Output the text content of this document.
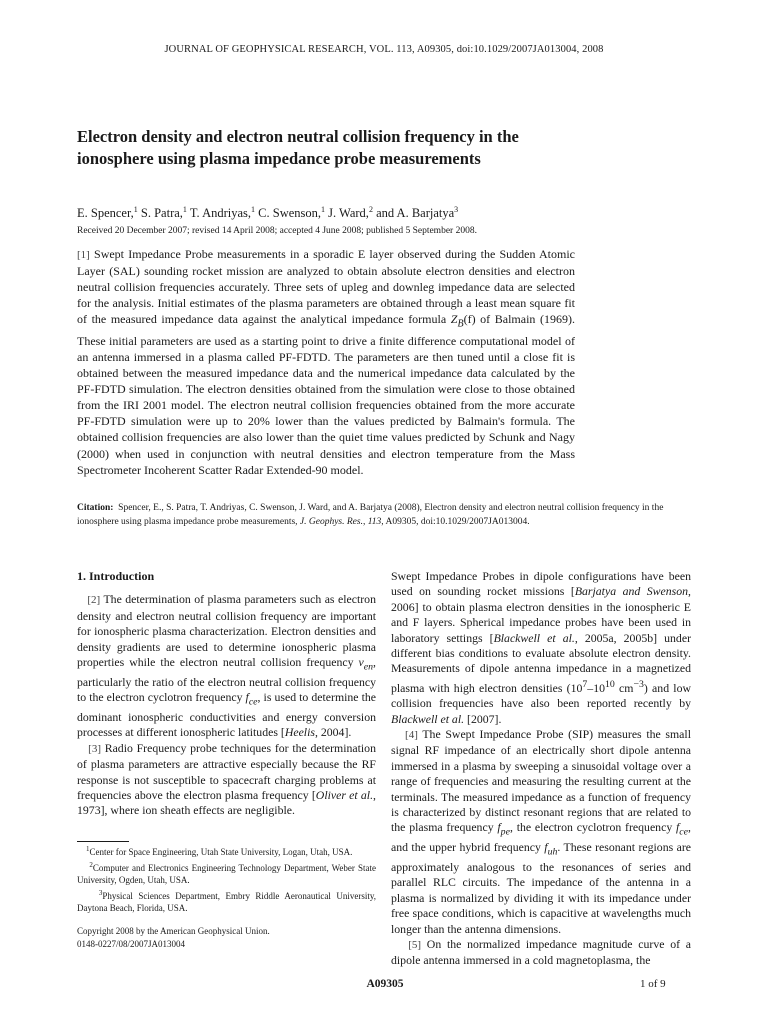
JOURNAL OF GEOPHYSICAL RESEARCH, VOL. 113, A09305, doi:10.1029/2007JA013004, 2008
Electron density and electron neutral collision frequency in the ionosphere using plasma impedance probe measurements
E. Spencer,$^1$ S. Patra,$^1$ T. Andriyas,$^1$ C. Swenson,$^1$ J. Ward,$^2$ and A. Barjatya$^3$
Received 20 December 2007; revised 14 April 2008; accepted 4 June 2008; published 5 September 2008.
[1] Swept Impedance Probe measurements in a sporadic E layer observed during the Sudden Atomic Layer (SAL) sounding rocket mission are analyzed to obtain absolute electron densities and electron neutral collision frequencies accurately. Three sets of upleg and downleg impedance data are selected for the analysis. Initial estimates of the plasma parameters are obtained through a least mean square fit of the measured impedance data against the analytical impedance formula $Z_B(f)$ of Balmain (1969). These initial parameters are used as a starting point to drive a finite difference computational model of an antenna immersed in a plasma called PF-FDTD. The parameters are then tuned until a close fit is obtained between the measured impedance data and the numerical impedance data calculated by the PF-FDTD simulation. The electron densities obtained from the simulation were close to those obtained from the IRI 2001 model. The electron neutral collision frequencies obtained from the more accurate PF-FDTD simulation were up to 20% lower than the values predicted by Balmain's formula. The obtained collision frequencies are also lower than the quiet time values predicted by Schunk and Nagy (2000) when used in conjunction with neutral densities and electron temperature from the Mass Spectrometer Incoherent Scatter Radar Extended-90 model.
Citation: Spencer, E., S. Patra, T. Andriyas, C. Swenson, J. Ward, and A. Barjatya (2008), Electron density and electron neutral collision frequency in the ionosphere using plasma impedance probe measurements, J. Geophys. Res., 113, A09305, doi:10.1029/2007JA013004.
1. Introduction

[2] The determination of plasma parameters such as electron density and electron neutral collision frequency are important for ionospheric plasma characterization. Electron densities and density gradients are used to determine ionospheric plasma properties while the electron neutral collision frequency $\nu_{en}$, particularly the ratio of the electron neutral collision frequency to the electron cyclotron frequency $f_{ce}$, is used to determine the dominant ionospheric conductivities and energy conversion processes at different ionospheric latitudes [Heelis, 2004].

[3] Radio Frequency probe techniques for the determination of plasma parameters are attractive especially because the RF response is not susceptible to spacecraft charging problems at frequencies above the electron plasma frequency [Oliver et al., 1973], where ion sheath effects are negligible.

$^1$Center for Space Engineering, Utah State University, Logan, Utah, USA.

$^2$Computer and Electronics Engineering Technology Department, Weber State University, Ogden, Utah, USA.

$^3$Physical Sciences Department, Embry Riddle Aeronautical University, Daytona Beach, Florida, USA.

Copyright 2008 by the American Geophysical Union.
0148-0227/08/2007JA013004

Swept Impedance Probes in dipole configurations have been used on sounding rocket missions [Barjatya and Swenson, 2006] to obtain plasma electron densities in the ionospheric E and F layers. Spherical impedance probes have been used in laboratory settings [Blackwell et al., 2005a, 2005b] under different bias conditions to evaluate absolute electron density. Measurements of dipole antenna impedance in a magnetized plasma with high electron densities ($10^7-10^{10}$ $cm^{-3}$) and low collision frequencies have also been reported recently by Blackwell et al. [2007].

[4] The Swept Impedance Probe (SIP) measures the small signal RF impedance of an electrically short dipole antenna immersed in a plasma by sweeping a sinusoidal voltage over a range of frequencies and measuring the resulting current at the terminals. The measured impedance as a function of frequency is characterized by distinct resonant regions that are related to the plasma frequency $f_{pe}$, the electron cyclotron frequency $f_{ce}$, and the upper hybrid frequency $f_{uh}$. These resonant regions are approximately analogous to the resonances of series and parallel RLC circuits. The impedance of the antenna in a plasma is normalized by dividing it with its impedance under free space conditions, which is capacitive at wavelengths much longer than the antenna dimensions.

[5] On the normalized impedance magnitude curve of a dipole antenna immersed in a cold magnetoplasma, the

A09305	1 of 9
